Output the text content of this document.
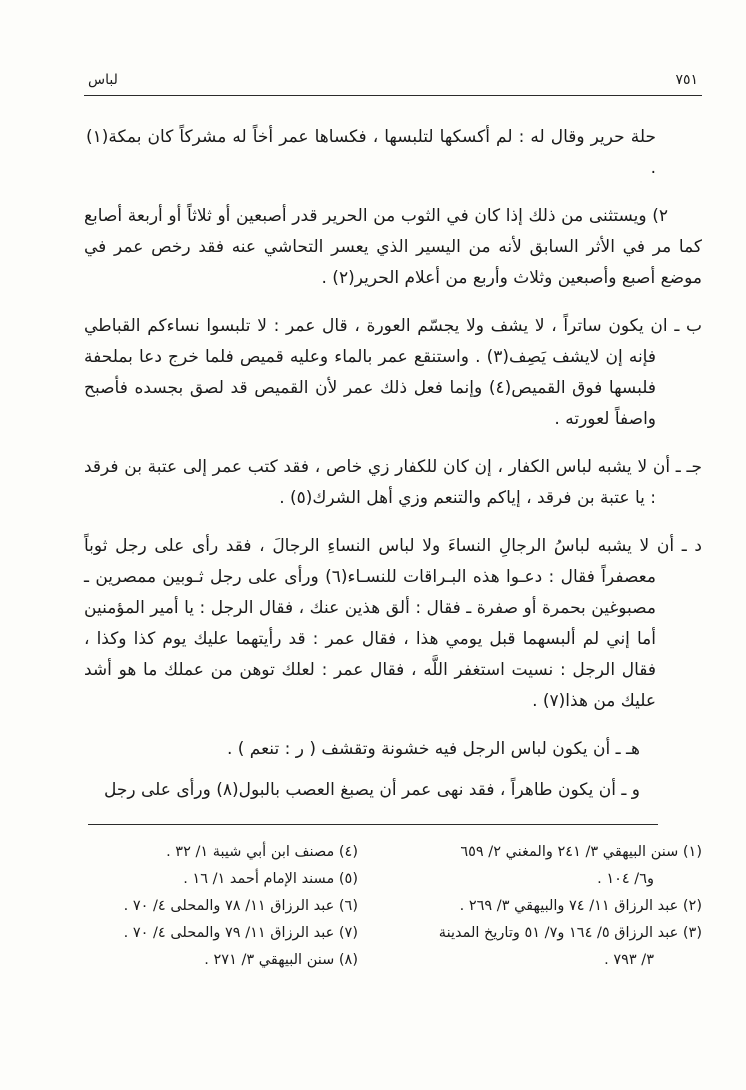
٧٥١
لباس

حلة حرير وقال له : لم أكسكها لتلبسها ، فكساها عمر أخاً له مشركاً كان بمكة(١) .

٢) ويستثنى من ذلك إذا كان في الثوب من الحرير قدر أصبعين أو ثلاثاً أو أربعة أصابع كما مر في الأثر السابق لأنه من اليسير الذي يعسر التحاشي عنه فقد رخص عمر في موضع أصبع وأصبعين وثلاث وأربع من أعلام الحرير(٢) .

ب ـ ان يكون ساتراً ، لا يشف ولا يجسّم العورة ، قال عمر : لا تلبسوا نساءكم القباطي فإنه إن لايشف يَصِف(٣) . واستنقع عمر بالماء وعليه قميص فلما خرج دعا بملحفة فلبسها فوق القميص(٤) وإنما فعل ذلك عمر لأن القميص قد لصق بجسده فأصبح واصفاً لعورته .

جـ ـ أن لا يشبه لباس الكفار ، إن كان للكفار زي خاص ، فقد كتب عمر إلى عتبة بن فرقد : يا عتبة بن فرقد ، إياكم والتنعم وزي أهل الشرك(٥) .

د ـ أن لا يشبه لباسُ الرجالِ النساءَ ولا لباس النساءِ الرجالَ ، فقد رأى على رجل ثوباً معصفراً فقال : دعـوا هذه البـراقات للنسـاء(٦) ورأى على رجل ثـوبين ممصرين ـ مصبوغين بحمرة أو صفرة ـ فقال : ألق هذين عنك ، فقال الرجل : يا أمير المؤمنين أما إني لم ألبسهما قبل يومي هذا ، فقال عمر : قد رأيتهما عليك يوم كذا وكذا ، فقال الرجل : نسيت استغفر اللَّه ، فقال عمر : لعلك توهن من عملك ما هو أشد عليك من هذا(٧) .

هـ ـ أن يكون لباس الرجل فيه خشونة وتقشف ( ر : تنعم ) .

و ـ أن يكون طاهراً ، فقد نهى عمر أن يصبغ العصب بالبول(٨) ورأى على رجل

(١) سنن البيهقي ٣/ ٢٤١ والمغني ٢/ ٦٥٩
و٦/ ١٠٤ .

(٢) عبد الرزاق ١١/ ٧٤ والبيهقي ٣/ ٢٦٩ .

(٣) عبد الرزاق ٥/ ١٦٤ و٧/ ٥١ وتاريخ المدينة
٣/ ٧٩٣ .

(٤) مصنف ابن أبي شيبة ١/ ٣٢ .

(٥) مسند الإمام أحمد ١/ ١٦ .

(٦) عبد الرزاق ١١/ ٧٨ والمحلى ٤/ ٧٠ .

(٧) عبد الرزاق ١١/ ٧٩ والمحلى ٤/ ٧٠ .

(٨) سنن البيهقي ٣/ ٢٧١ .
